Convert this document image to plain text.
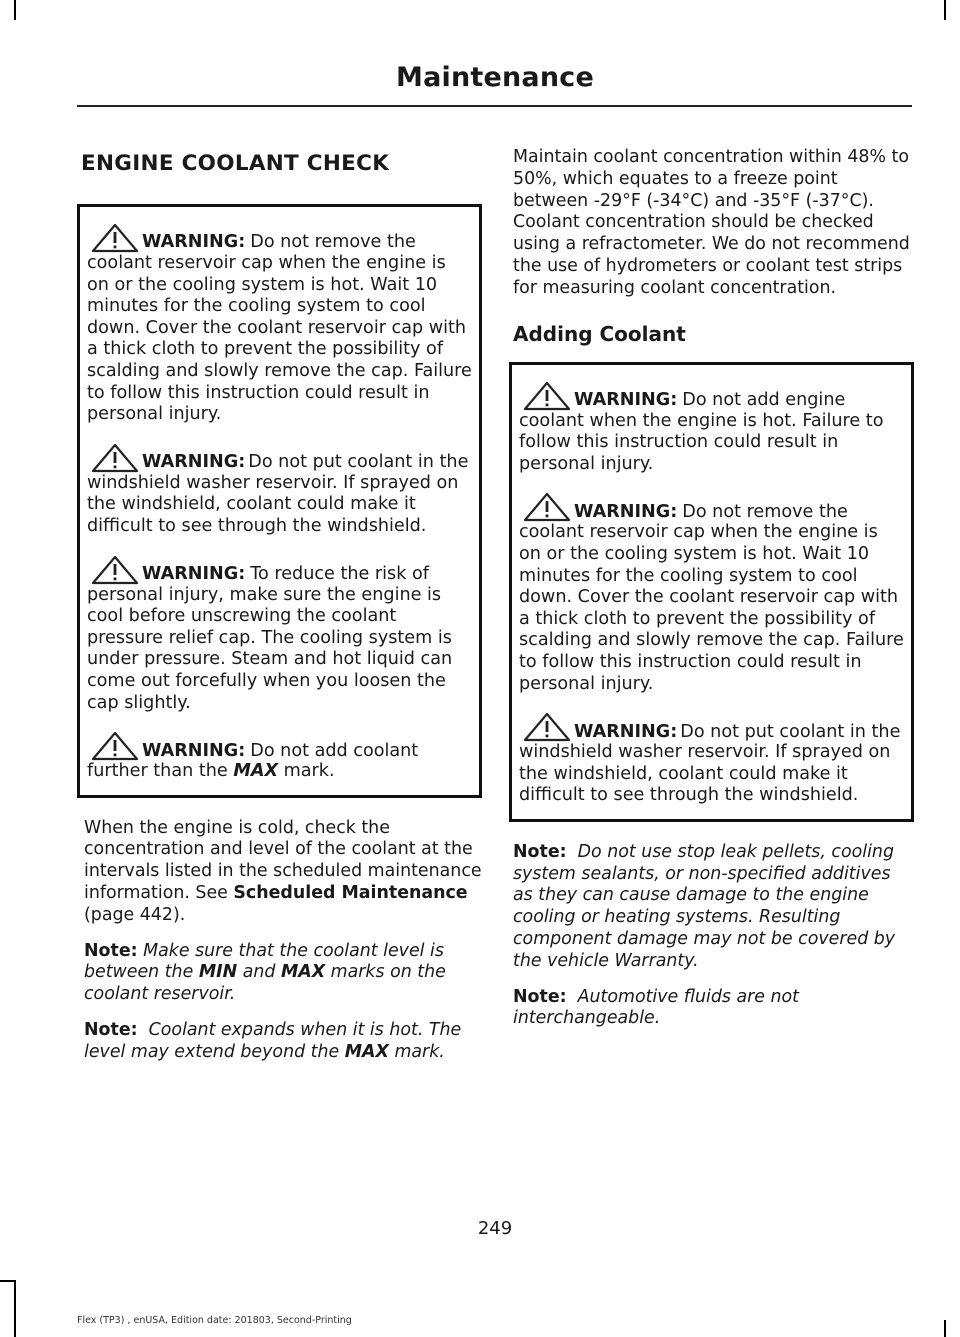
Maintenance
ENGINE COOLANT CHECK
WARNING: Do not remove the
coolant reservoir cap when the engine is on or the cooling system is hot. Wait 10 minutes for the cooling system to cool down. Cover the coolant reservoir cap with a thick cloth to prevent the possibility of scalding and slowly remove the cap. Failure to follow this instruction could result in personal injury.
WARNING: Do not put coolant in the
windshield washer reservoir. If sprayed on the windshield, coolant could make it difficult to see through the windshield.
WARNING: To reduce the risk of
personal injury, make sure the engine is cool before unscrewing the coolant pressure relief cap. The cooling system is under pressure. Steam and hot liquid can come out forcefully when you loosen the cap slightly.
WARNING: Do not add coolant
further than the MAX mark.
When the engine is cold, check the concentration and level of the coolant at the intervals listed in the scheduled maintenance information. See Scheduled Maintenance (page 442).
Note: Make sure that the coolant level is between the MIN and MAX marks on the coolant reservoir.
Note: Coolant expands when it is hot. The level may extend beyond the MAX mark.
Maintain coolant concentration within 48% to 50%, which equates to a freeze point between -29°F (-34°C) and -35°F (-37°C). Coolant concentration should be checked using a refractometer. We do not recommend the use of hydrometers or coolant test strips for measuring coolant concentration.
Adding Coolant
WARNING: Do not add engine
coolant when the engine is hot. Failure to follow this instruction could result in personal injury.
WARNING: Do not remove the
coolant reservoir cap when the engine is on or the cooling system is hot. Wait 10 minutes for the cooling system to cool down. Cover the coolant reservoir cap with a thick cloth to prevent the possibility of scalding and slowly remove the cap. Failure to follow this instruction could result in personal injury.
WARNING: Do not put coolant in the
windshield washer reservoir. If sprayed on the windshield, coolant could make it difficult to see through the windshield.
Note: Do not use stop leak pellets, cooling system sealants, or non-specified additives as they can cause damage to the engine cooling or heating systems. Resulting component damage may not be covered by the vehicle Warranty.
Note: Automotive fluids are not interchangeable.
249
Flex (TP3) , enUSA, Edition date: 201803, Second-Printing
